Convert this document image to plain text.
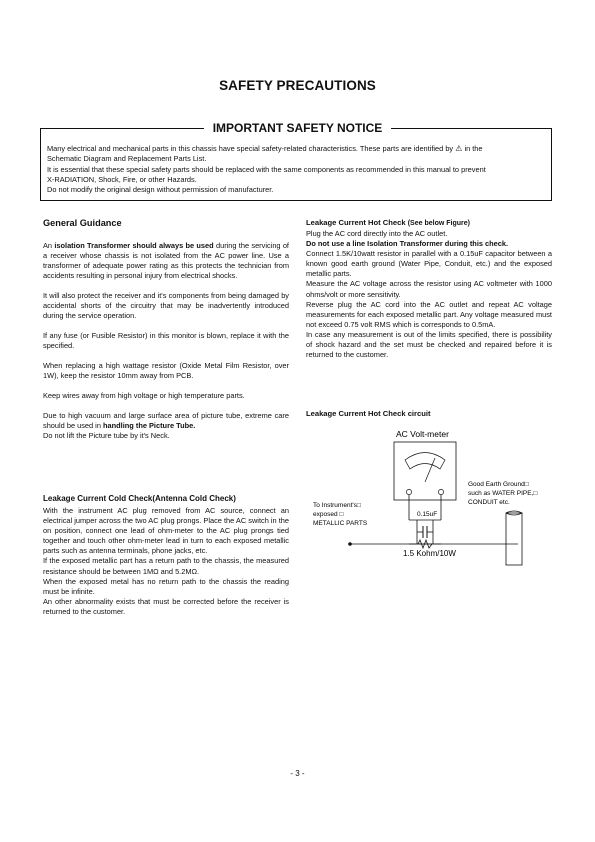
SAFETY PRECAUTIONS
IMPORTANT SAFETY NOTICE
Many electrical and mechanical parts in this chassis have special safety-related characteristics. These parts are identified by ⚠ in the
Schematic Diagram and Replacement Parts List.
It is essential that these special safety parts should be replaced with the same components as recommended in this manual to prevent
X-RADIATION, Shock, Fire, or other Hazards.
Do not modify the original design without permission of manufacturer.
General Guidance
An isolation Transformer should always be used during the servicing of a receiver whose chassis is not isolated from the AC power line. Use a transformer of adequate power rating as this protects the technician from accidents resulting in personal injury from electrical shocks.
It will also protect the receiver and it's components from being damaged by accidental shorts of the circuitry that may be inadvertently introduced during the service operation.
If any fuse (or Fusible Resistor) in this monitor is blown, replace it with the specified.
When replacing a high wattage resistor (Oxide Metal Film Resistor, over 1W), keep the resistor 10mm away from PCB.
Keep wires away from high voltage or high temperature parts.
Due to high vacuum and large surface area of picture tube, extreme care should be used in handling the Picture Tube.
Do not lift the Picture tube by it's Neck.
Leakage Current Cold Check(Antenna Cold Check)

With the instrument AC plug removed from AC source, connect an electrical jumper across the two AC plug prongs. Place the AC switch in the on position, connect one lead of ohm-meter to the AC plug prongs tied together and touch other ohm-meter lead in turn to each exposed metallic parts such as antenna terminals, phone jacks, etc.

If the exposed metallic part has a return path to the chassis, the measured resistance should be between 1MΩ and 5.2MΩ.

When the exposed metal has no return path to the chassis the reading must be infinite.

An other abnormality exists that must be corrected before the receiver is returned to the customer.

Leakage Current Hot Check (See below Figure)

Plug the AC cord directly into the AC outlet.

Do not use a line Isolation Transformer during this check.

Connect 1.5K/10watt resistor in parallel with a 0.15uF capacitor between a known good earth ground (Water Pipe, Conduit, etc.) and the exposed metallic parts.

Measure the AC voltage across the resistor using AC voltmeter with 1000 ohms/volt or more sensitivity.

Reverse plug the AC cord into the AC outlet and repeat AC voltage measurements for each exposed metallic part. Any voltage measured must not exceed 0.75 volt RMS which is corresponds to 0.5mA.

In case any measurement is out of the limits specified, there is possibility of shock hazard and the set must be checked and repaired before it is returned to the customer.

Leakage Current Hot Check circuit
AC Volt-meter
0.15uF
1.5 Kohm/10W
To Instrument's□
exposed □
METALLIC PARTS
Good Earth Ground□
such as WATER PIPE,□
CONDUIT etc.
- 3 -
